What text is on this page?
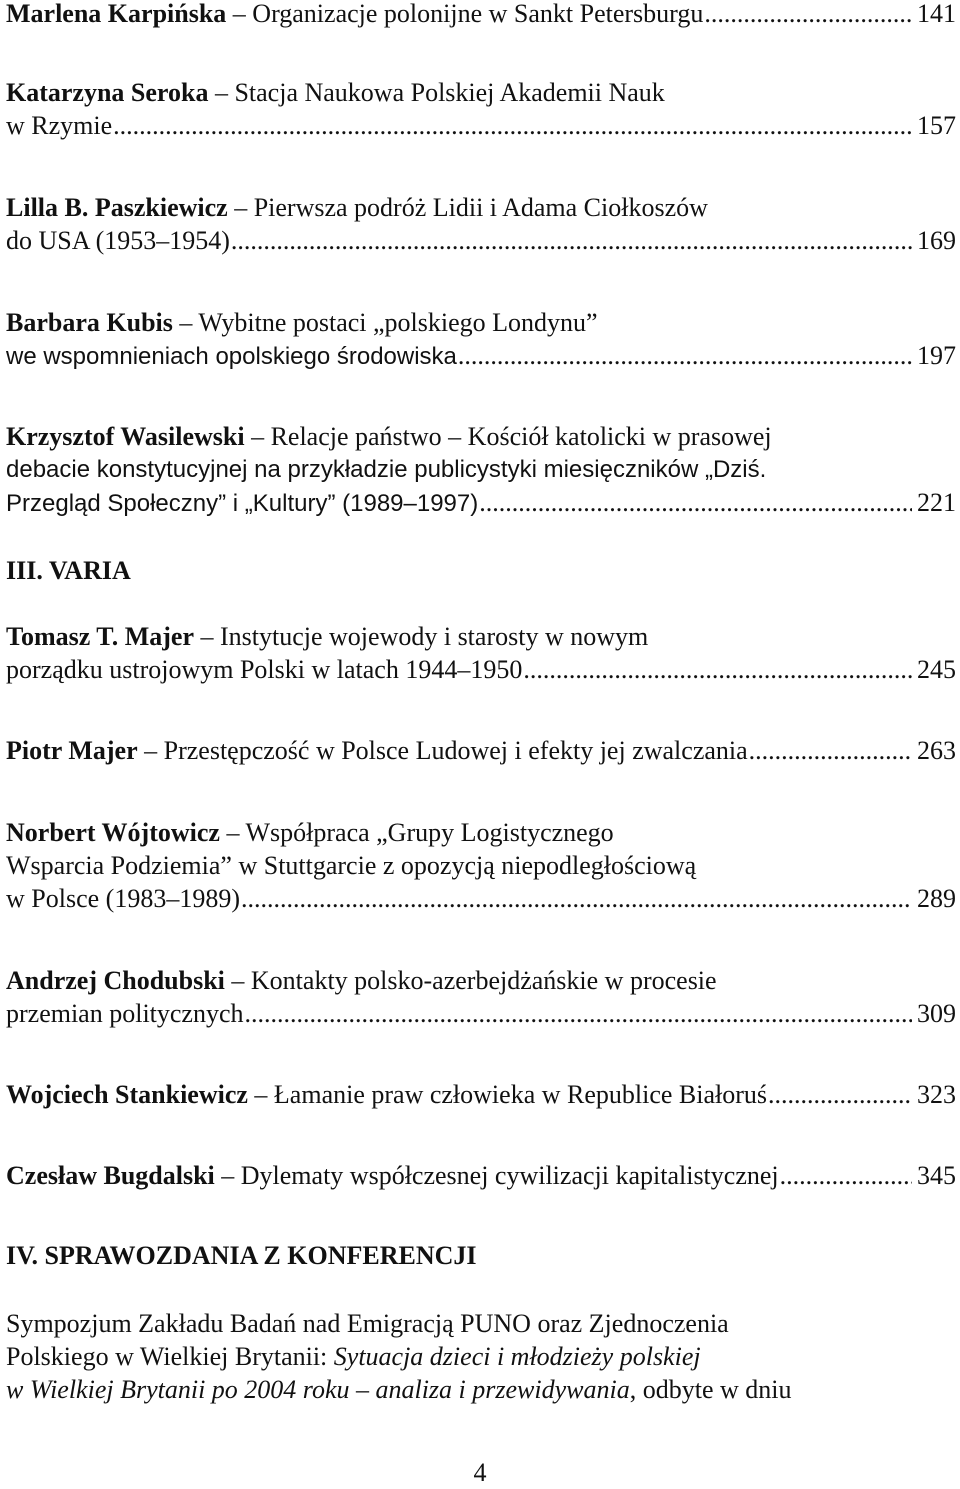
Marlena Karpińska – Organizacje polonijne w Sankt Petersburgu .....	141
Katarzyna Seroka – Stacja Naukowa Polskiej Akademii Nauk
w Rzymie .....	157
Lilla B. Paszkiewicz – Pierwsza podróż Lidii i Adama Ciołkoszów
do USA (1953–1954) .....	169
Barbara Kubis – Wybitne postaci „polskiego Londynu”
we wspomnieniach opolskiego środowiska .....	197
Krzysztof Wasilewski – Relacje państwo – Kościół katolicki w prasowej
debacie konstytucyjnej na przykładzie publicystyki miesięczników „Dziś.
Przegląd Społeczny” i „Kultury” (1989–1997) .....	221
III. VARIA
Tomasz T. Majer – Instytucje wojewody i starosty w nowym
porządku ustrojowym Polski w latach 1944–1950 .....	245
Piotr Majer – Przestępczość w Polsce Ludowej i efekty jej zwalczania .....	263
Norbert Wójtowicz – Współpraca „Grupy Logistycznego
Wsparcia Podziemia” w Stuttgarcie z opozycją niepodległościową
w Polsce (1983–1989) .....	289
Andrzej Chodubski – Kontakty polsko-azerbejdżańskie w procesie
przemian politycznych .....	309
Wojciech Stankiewicz – Łamanie praw człowieka w Republice Białoruś .....	323
Czesław Bugdalski – Dylematy współczesnej cywilizacji kapitalistycznej .....	345
IV. SPRAWOZDANIA Z KONFERENCJI
Sympozjum Zakładu Badań nad Emigracją PUNO oraz Zjednoczenia
Polskiego w Wielkiej Brytanii: Sytuacja dzieci i młodzieży polskiej
w Wielkiej Brytanii po 2004 roku – analiza i przewidywania, odbyte w dniu
4
